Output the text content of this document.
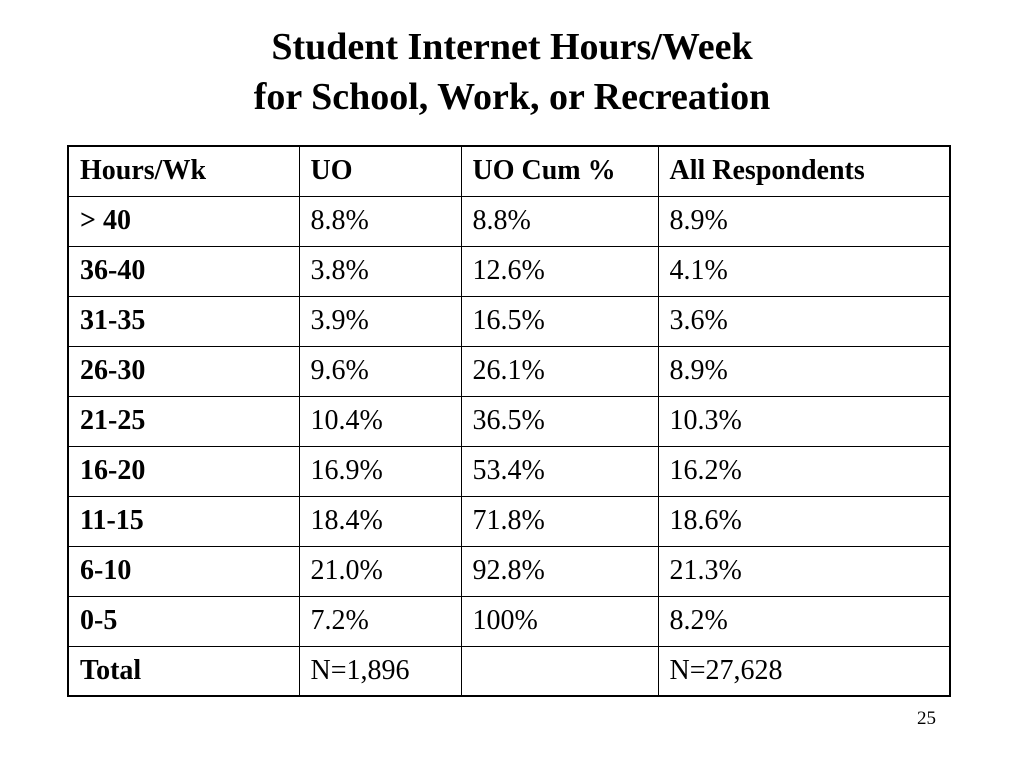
Student Internet Hours/Week
for School, Work, or Recreation
Hours/Wk	UO	UO Cum %	All Respondents
> 40	8.8%	8.8%	8.9%
36-40	3.8%	12.6%	4.1%
31-35	3.9%	16.5%	3.6%
26-30	9.6%	26.1%	8.9%
21-25	10.4%	36.5%	10.3%
16-20	16.9%	53.4%	16.2%
11-15	18.4%	71.8%	18.6%
6-10	21.0%	92.8%	21.3%
0-5	7.2%	100%	8.2%
Total	N=1,896		N=27,628
25
